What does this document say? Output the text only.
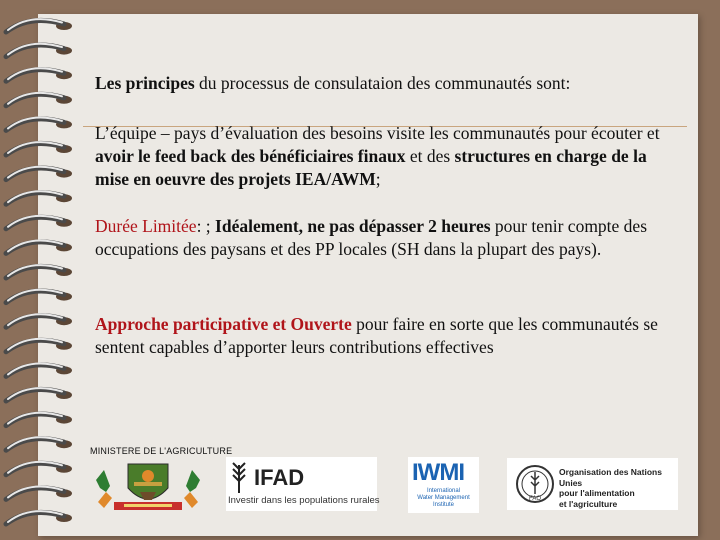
Les principes du processus de consulataion des communautés sont:
L’équipe – pays d’évaluation des besoins visite les communautés pour écouter et avoir le feed back des bénéficiaires finaux et des structures en charge de la mise en oeuvre des projets IEA/AWM;
Durée Limitée: ; Idéalement, ne pas dépasser 2 heures pour tenir compte des occupations des paysans et des PP locales (SH dans la plupart des pays).
Approche participative et Ouverte pour faire en sorte que les communautés se sentent capables d’apporter leurs contributions effectives
MINISTERE DE L'AGRICULTURE
IFAD
Investir dans les populations rurales
IWMI
International
Water Management
Institute
FAO
Organisation des Nations Unies
pour l'alimentation
et l'agriculture
